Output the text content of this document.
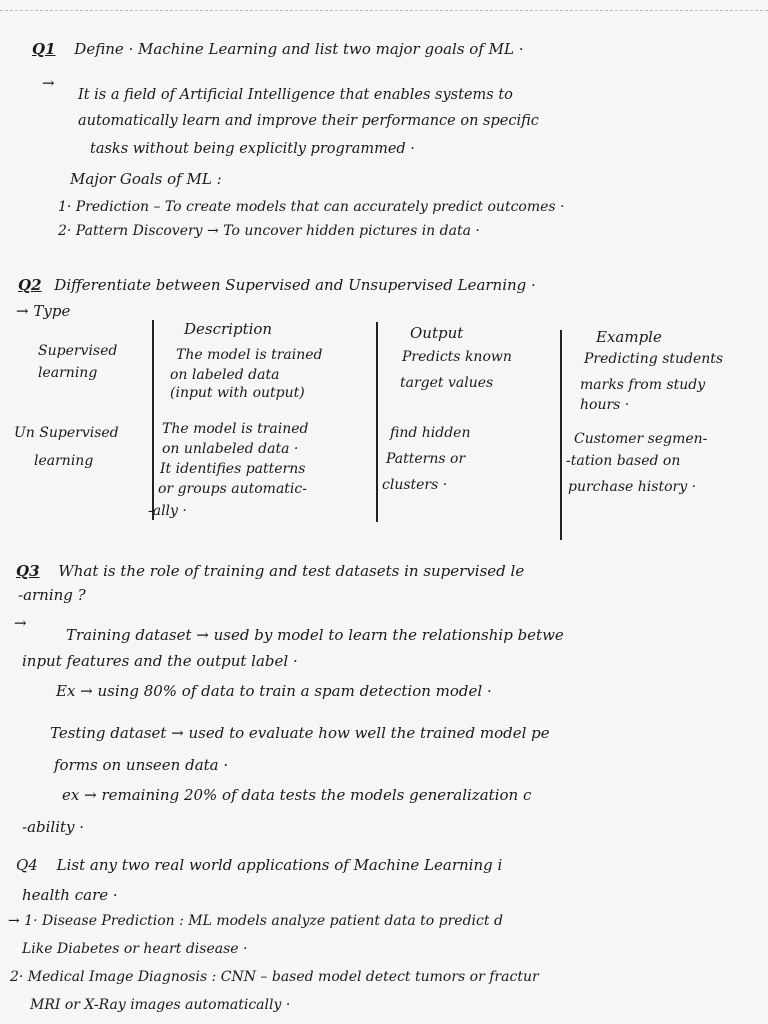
Q1 Define · Machine Learning and list two major goals of ML ·
→
It is a field of Artificial Intelligence that enables systems to
automatically learn and improve their performance on specific
tasks without being explicitly programmed ·
Major Goals of ML :
1· Prediction – To create models that can accurately predict outcomes ·
2· Pattern Discovery → To uncover hidden pictures in data ·
Q2 Differentiate between Supervised and Unsupervised Learning ·
→ Type
Description	Output	Example
Supervised
learning
The model is trained
on labeled data
(input with output)
Predicts known
target values
Predicting students
marks from study
hours ·
Un Supervised
learning
The model is trained
on unlabeled data ·
It identifies patterns
or groups automatic-
-ally ·
find hidden
Patterns or
clusters ·
Customer segmen-
-tation based on
purchase history ·
Q3 What is the role of training and test datasets in supervised le
-arning ?
→
Training dataset → used by model to learn the relationship betwe
input features and the output label ·
Ex → using 80% of data to train a spam detection model ·
Testing dataset → used to evaluate how well the trained model pe
forms on unseen data ·
ex → remaining 20% of data tests the models generalization c
-ability ·
Q4 List any two real world applications of Machine Learning i
health care ·
→ 1· Disease Prediction : ML models analyze patient data to predict d
Like Diabetes or heart disease ·
2· Medical Image Diagnosis : CNN – based model detect tumors or fractur
MRI or X-Ray images automatically ·
